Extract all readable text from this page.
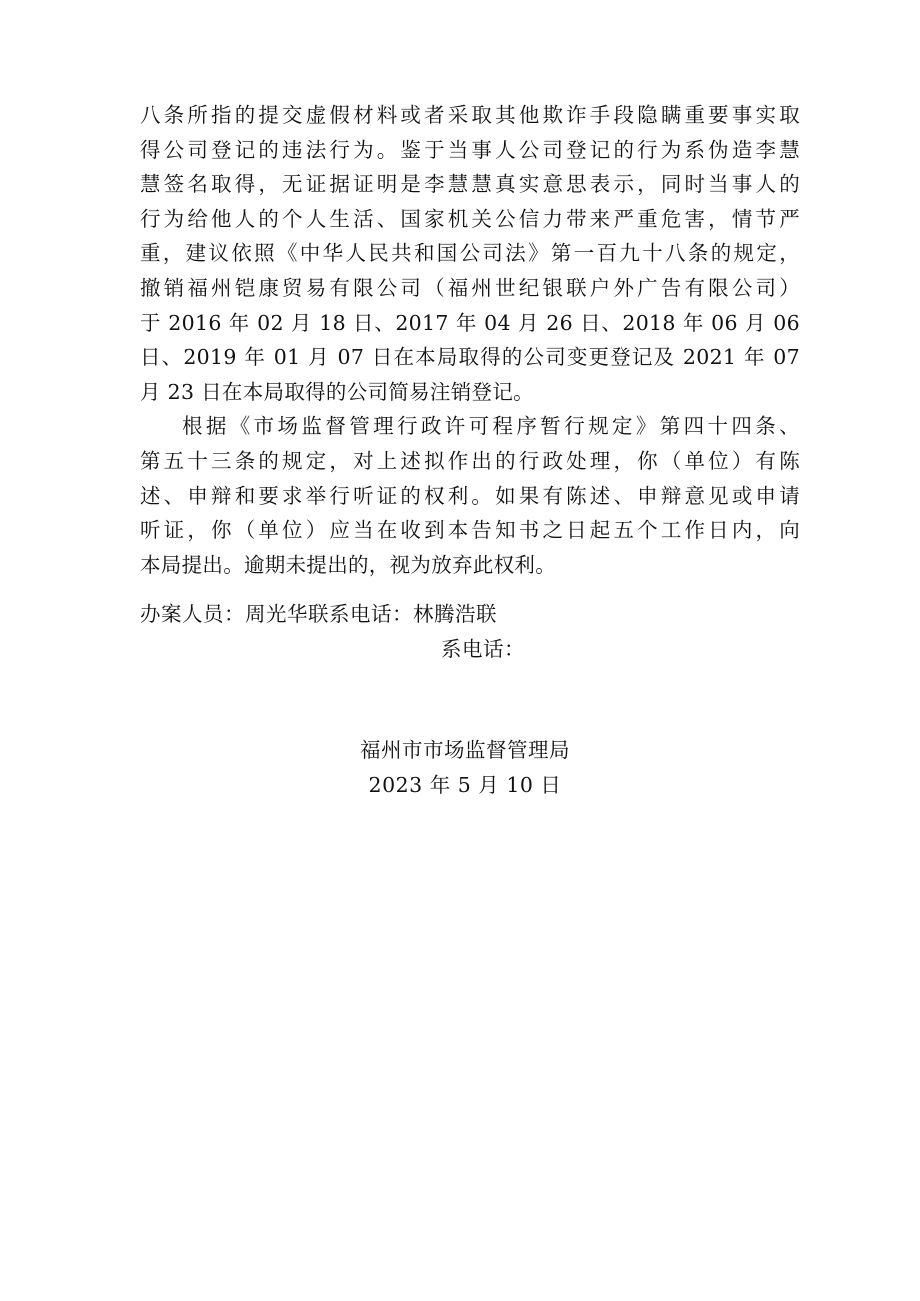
八条所指的提交虚假材料或者采取其他欺诈手段隐瞒重要事实取
得公司登记的违法行为。鉴于当事人公司登记的行为系伪造李慧
慧签名取得，无证据证明是李慧慧真实意思表示，同时当事人的
行为给他人的个人生活、国家机关公信力带来严重危害，情节严
重，建议依照《中华人民共和国公司法》第一百九十八条的规定，
撤销福州铠康贸易有限公司（福州世纪银联户外广告有限公司）
于 2016 年 02 月 18 日、2017 年 04 月 26 日、2018 年 06 月 06
日、2019 年 01 月 07 日在本局取得的公司变更登记及 2021 年 07
月 23 日在本局取得的公司简易注销登记。
根据《市场监督管理行政许可程序暂行规定》第四十四条、
第五十三条的规定，对上述拟作出的行政处理，你（单位）有陈
述、申辩和要求举行听证的权利。如果有陈述、申辩意见或申请
听证，你（单位）应当在收到本告知书之日起五个工作日内，向
本局提出。逾期未提出的，视为放弃此权利。
办案人员：周光华联系电话：林腾浩联
系电话：
福州市市场监督管理局
2023 年 5 月 10 日
